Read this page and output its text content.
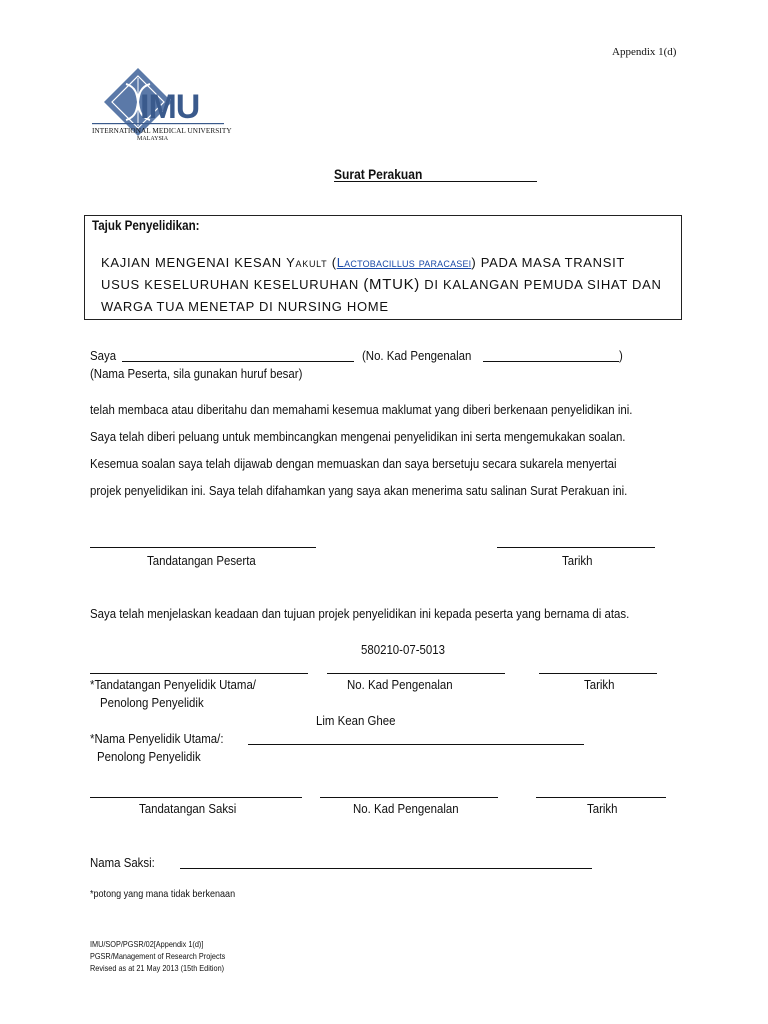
Appendix 1(d)
IMU
INTERNATIONAL MEDICAL UNIVERSITY
MALAYSIA
Surat Perakuan
Tajuk Penyelidikan:
KAJIAN MENGENAI KESAN Yakult (Lactobacillus paracasei) PADA MASA TRANSIT
USUS KESELURUHAN KESELURUHAN (MTUK) DI KALANGAN PEMUDA SIHAT DAN
WARGA TUA MENETAP DI NURSING HOME
Saya	(No. Kad Pengenalan	)
(Nama Peserta, sila gunakan huruf besar)
telah membaca atau diberitahu dan memahami kesemua maklumat yang diberi berkenaan penyelidikan ini.
Saya telah diberi peluang untuk membincangkan mengenai penyelidikan ini serta mengemukakan soalan.
Kesemua soalan saya telah dijawab dengan memuaskan dan saya bersetuju secara sukarela menyertai
projek penyelidikan ini. Saya telah difahamkan yang saya akan menerima satu salinan Surat Perakuan ini.
Tandatangan Peserta	Tarikh
Saya telah menjelaskan keadaan dan tujuan projek penyelidikan ini kepada peserta yang bernama di atas.
580210-07-5013
*Tandatangan Penyelidik Utama/	No. Kad Pengenalan	Tarikh
Penolong Penyelidik
Lim Kean Ghee
*Nama Penyelidik Utama/:
Penolong Penyelidik
Tandatangan Saksi	No. Kad Pengenalan	Tarikh
Nama Saksi:
*potong yang mana tidak berkenaan
IMU/SOP/PGSR/02[Appendix 1(d)]
PGSR/Management of Research Projects
Revised as at 21 May 2013 (15th Edition)
